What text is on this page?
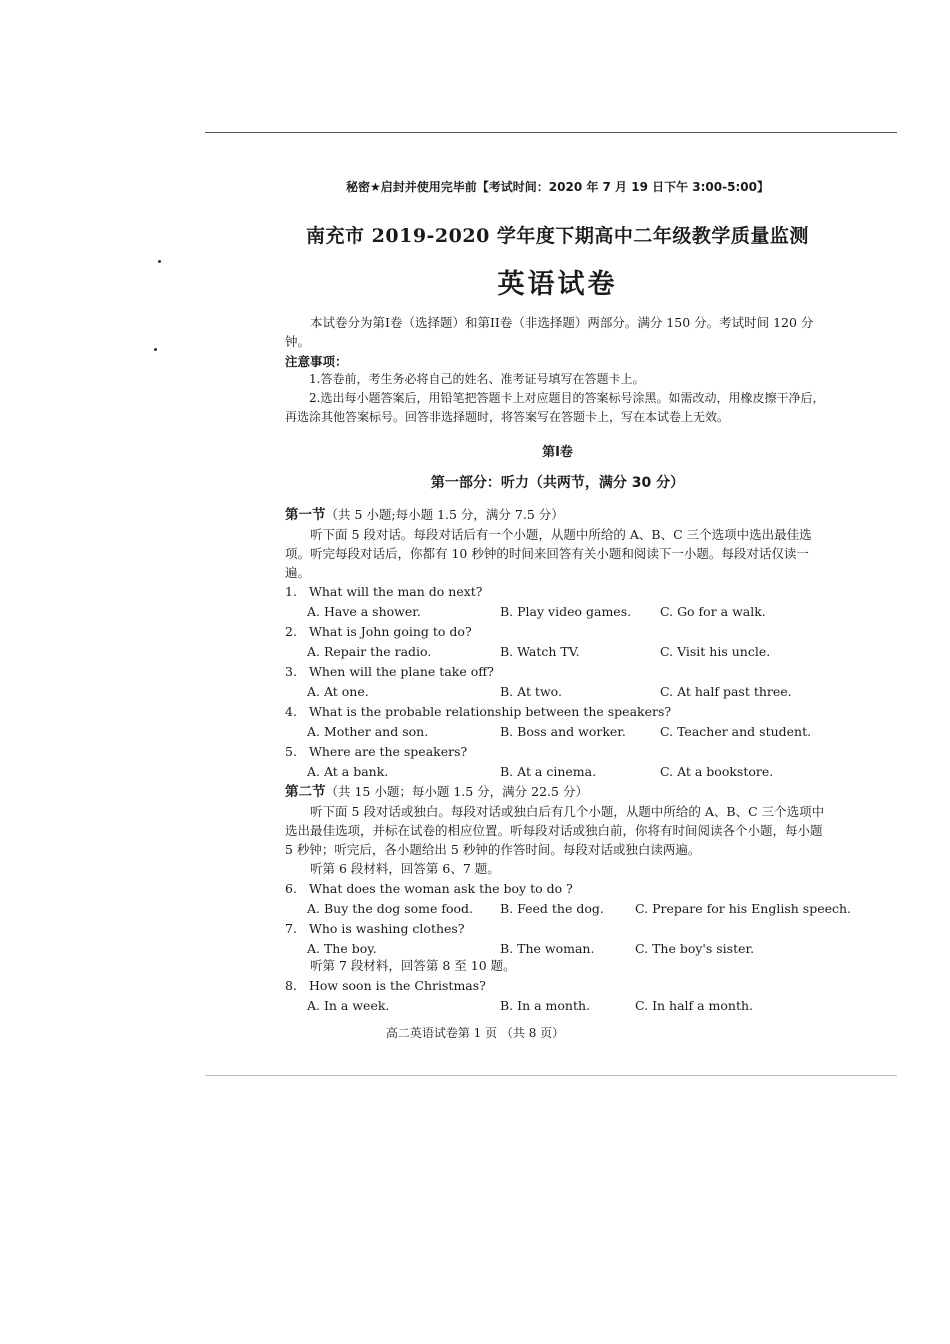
秘密★启封并使用完毕前【考试时间：2020 年 7 月 19 日下午 3:00-5:00】
南充市 2019-2020 学年度下期高中二年级教学质量监测
英语试卷
本试卷分为第I卷（选择题）和第II卷（非选择题）两部分。满分 150 分。考试时间 120 分钟。
注意事项：

1.答卷前，考生务必将自己的姓名、准考证号填写在答题卡上。

2.选出每小题答案后，用铅笔把答题卡上对应题目的答案标号涂黑。如需改动，用橡皮擦干净后，再选涂其他答案标号。回答非选择题时，将答案写在答题卡上，写在本试卷上无效。

第I卷
第一部分：听力（共两节，满分 30 分）
第一节（共 5 小题;每小题 1.5 分，满分 7.5 分）
听下面 5 段对话。每段对话后有一个小题，从题中所给的 A、B、C 三个选项中选出最佳选项。听完每段对话后，你都有 10 秒钟的时间来回答有关小题和阅读下一小题。每段对话仅读一遍。
1. What will the man do next?
A. Have a shower.	B. Play video games. C. Go for a walk.
2. What is John going to do?
A. Repair the radio.	B. Watch TV.	C. Visit his uncle.
3. When will the plane take off?
A. At one.	B. At two.	C. At half past three.
4. What is the probable relationship between the speakers?
A. Mother and son.	B. Boss and worker.	C. Teacher and student.
5. Where are the speakers?
A. At a bank.	B. At a cinema.	C. At a bookstore.
第二节（共 15 小题；每小题 1.5 分，满分 22.5 分）
听下面 5 段对话或独白。每段对话或独白后有几个小题，从题中所给的 A、B、C 三个选项中选出最佳选项，并标在试卷的相应位置。听每段对话或独白前，你将有时间阅读各个小题，每小题 5 秒钟；听完后，各小题给出 5 秒钟的作答时间。每段对话或独白读两遍。
听第 6 段材料，回答第 6、7 题。
6. What does the woman ask the boy to do ?
A. Buy the dog some food. B. Feed the dog. C. Prepare for his English speech.
7. Who is washing clothes?
A. The boy.	B. The woman.	C. The boy's sister.
听第 7 段材料，回答第 8 至 10 题。
8. How soon is the Christmas?
A. In a week.	B. In a month.	C. In half a month.
高二英语试卷第 1 页 （共 8 页）
